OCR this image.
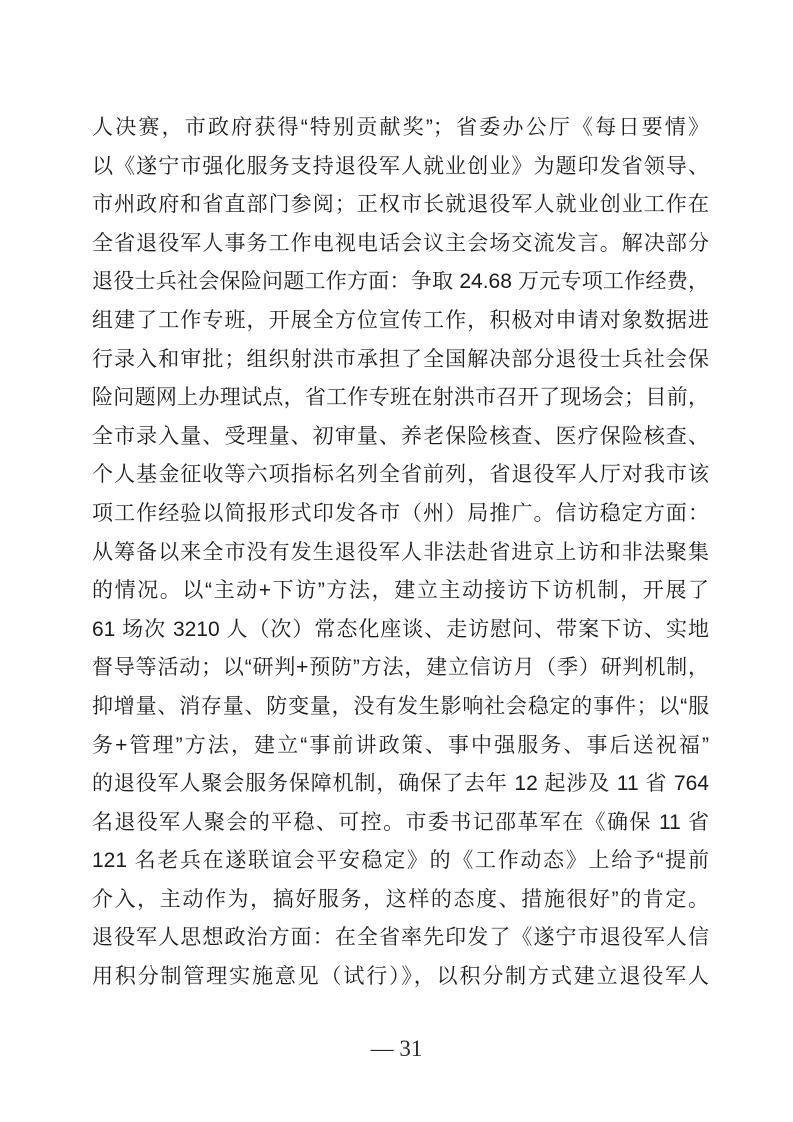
人决赛，市政府获得“特别贡献奖”；省委办公厅《每日要情》
以《遂宁市强化服务支持退役军人就业创业》为题印发省领导、
市州政府和省直部门参阅；正权市长就退役军人就业创业工作在
全省退役军人事务工作电视电话会议主会场交流发言。解决部分
退役士兵社会保险问题工作方面：争取 24.68 万元专项工作经费，
组建了工作专班，开展全方位宣传工作，积极对申请对象数据进
行录入和审批；组织射洪市承担了全国解决部分退役士兵社会保
险问题网上办理试点，省工作专班在射洪市召开了现场会；目前，
全市录入量、受理量、初审量、养老保险核查、医疗保险核查、
个人基金征收等六项指标名列全省前列，省退役军人厅对我市该
项工作经验以简报形式印发各市（州）局推广。信访稳定方面：
从筹备以来全市没有发生退役军人非法赴省进京上访和非法聚集
的情况。以“主动+下访”方法，建立主动接访下访机制，开展了
61 场次 3210 人（次）常态化座谈、走访慰问、带案下访、实地
督导等活动；以“研判+预防”方法，建立信访月（季）研判机制，
抑增量、消存量、防变量，没有发生影响社会稳定的事件；以“服
务+管理”方法，建立“事前讲政策、事中强服务、事后送祝福”
的退役军人聚会服务保障机制，确保了去年 12 起涉及 11 省 764
名退役军人聚会的平稳、可控。市委书记邵革军在《确保 11 省
121 名老兵在遂联谊会平安稳定》的《工作动态》上给予“提前
介入，主动作为，搞好服务，这样的态度、措施很好”的肯定。
退役军人思想政治方面：在全省率先印发了《遂宁市退役军人信
用积分制管理实施意见（试行）》，以积分制方式建立退役军人
— 31
